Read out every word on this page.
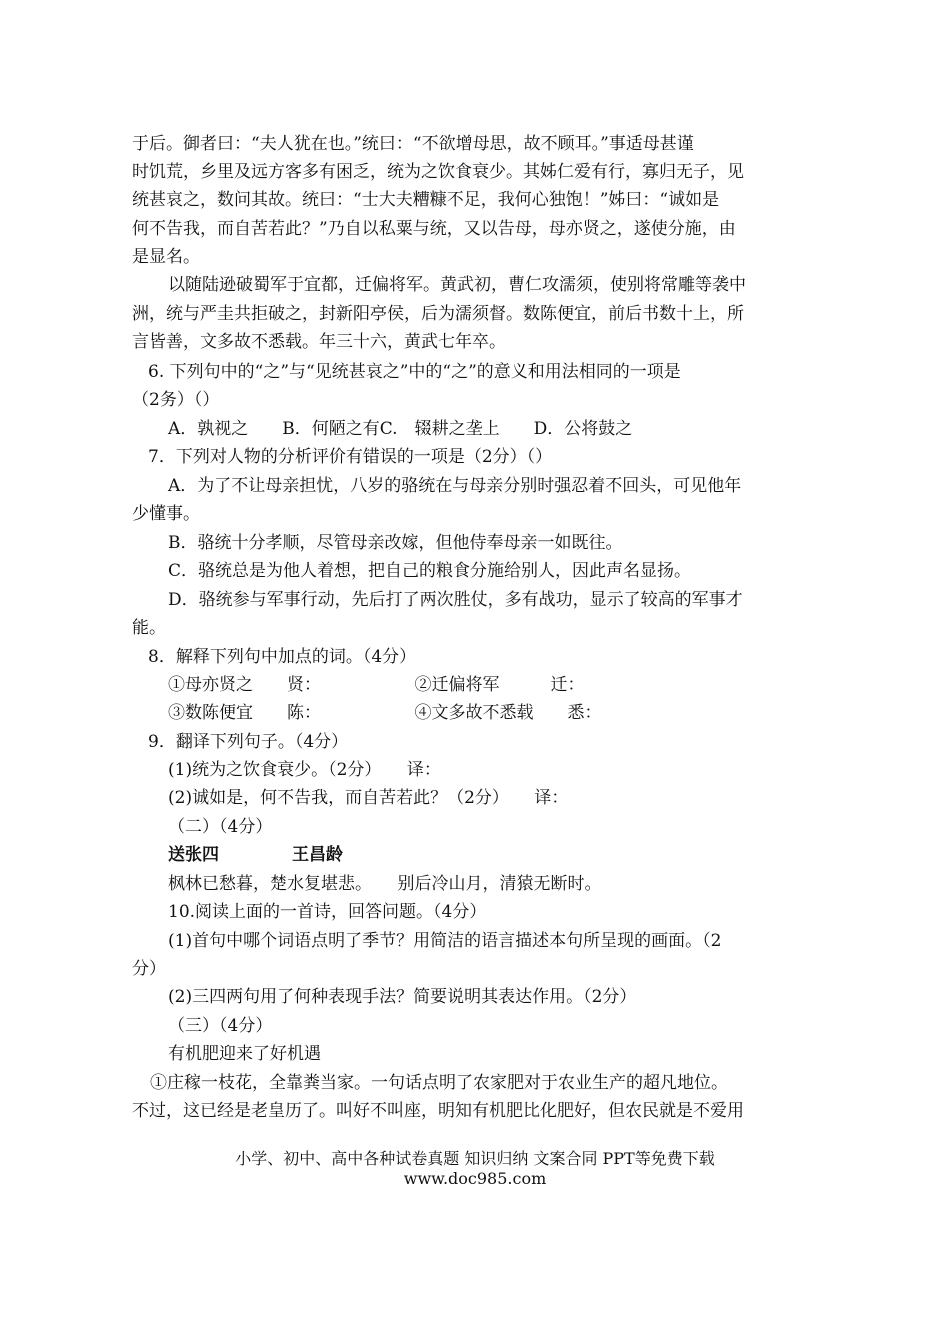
于后。御者曰：“夫人犹在也。”统曰：“不欲增母思，故不顾耳。”事适母甚谨
时饥荒，乡里及远方客多有困乏，统为之饮食衰少。其姊仁爱有行，寡归无子，见
统甚哀之，数问其故。统曰：“士大夫糟糠不足，我何心独饱！”姊曰：“诚如是
何不告我，而自苦若此？”乃自以私粟与统，又以告母，母亦贤之，遂使分施，由
是显名。
以随陆逊破蜀军于宜都，迁偏将军。黄武初，曹仁攻濡须，使别将常雕等袭中
洲，统与严圭共拒破之，封新阳亭侯，后为濡须督。数陈便宜，前后书数十上，所
言皆善，文多故不悉载。年三十六，黄武七年卒。
6. 下列句中的“之”与“见统甚哀之”中的“之”的意义和用法相同的一项是
（2务）（）
A．孰视之　　B．何陋之有C.　辍耕之垄上　　D．公将鼓之
7．下列对人物的分析评价有错误的一项是（2分）（）
A．为了不让母亲担忧，八岁的骆统在与母亲分别时强忍着不回头，可见他年
少懂事。
B．骆统十分孝顺，尽管母亲改嫁，但他侍奉母亲一如既往。
C．骆统总是为他人着想，把自己的粮食分施给别人，因此声名显扬。
D．骆统参与军事行动，先后打了两次胜仗，多有战功，显示了较高的军事才
能。
8．解释下列句中加点的词。（4分）
①母亦贤之　　贤：　　　　　　②迁偏将军　　　迁：
③数陈便宜　　陈：　　　　　　④文多故不悉载　　悉：
9．翻译下列句子。（4分）
(1)统为之饮食衰少。（2分）　　译：
(2)诚如是，何不告我，而自苦若此？（2分）　　译：
（二）（4分）
送张四	王昌龄
枫林已愁暮，楚水复堪悲。　　别后冷山月，清猿无断时。
10.阅读上面的一首诗，回答问题。（4分）
(1)首句中哪个词语点明了季节？用简洁的语言描述本句所呈现的画面。（2
分）
(2)三四两句用了何种表现手法？简要说明其表达作用。（2分）
（三）（4分）
有机肥迎来了好机遇
①庄稼一枝花，全靠粪当家。一句话点明了农家肥对于农业生产的超凡地位。
不过，这已经是老皇历了。叫好不叫座，明知有机肥比化肥好，但农民就是不爱用
小学、初中、高中各种试卷真题 知识归纳 文案合同 PPT等免费下载
www.doc985.com
